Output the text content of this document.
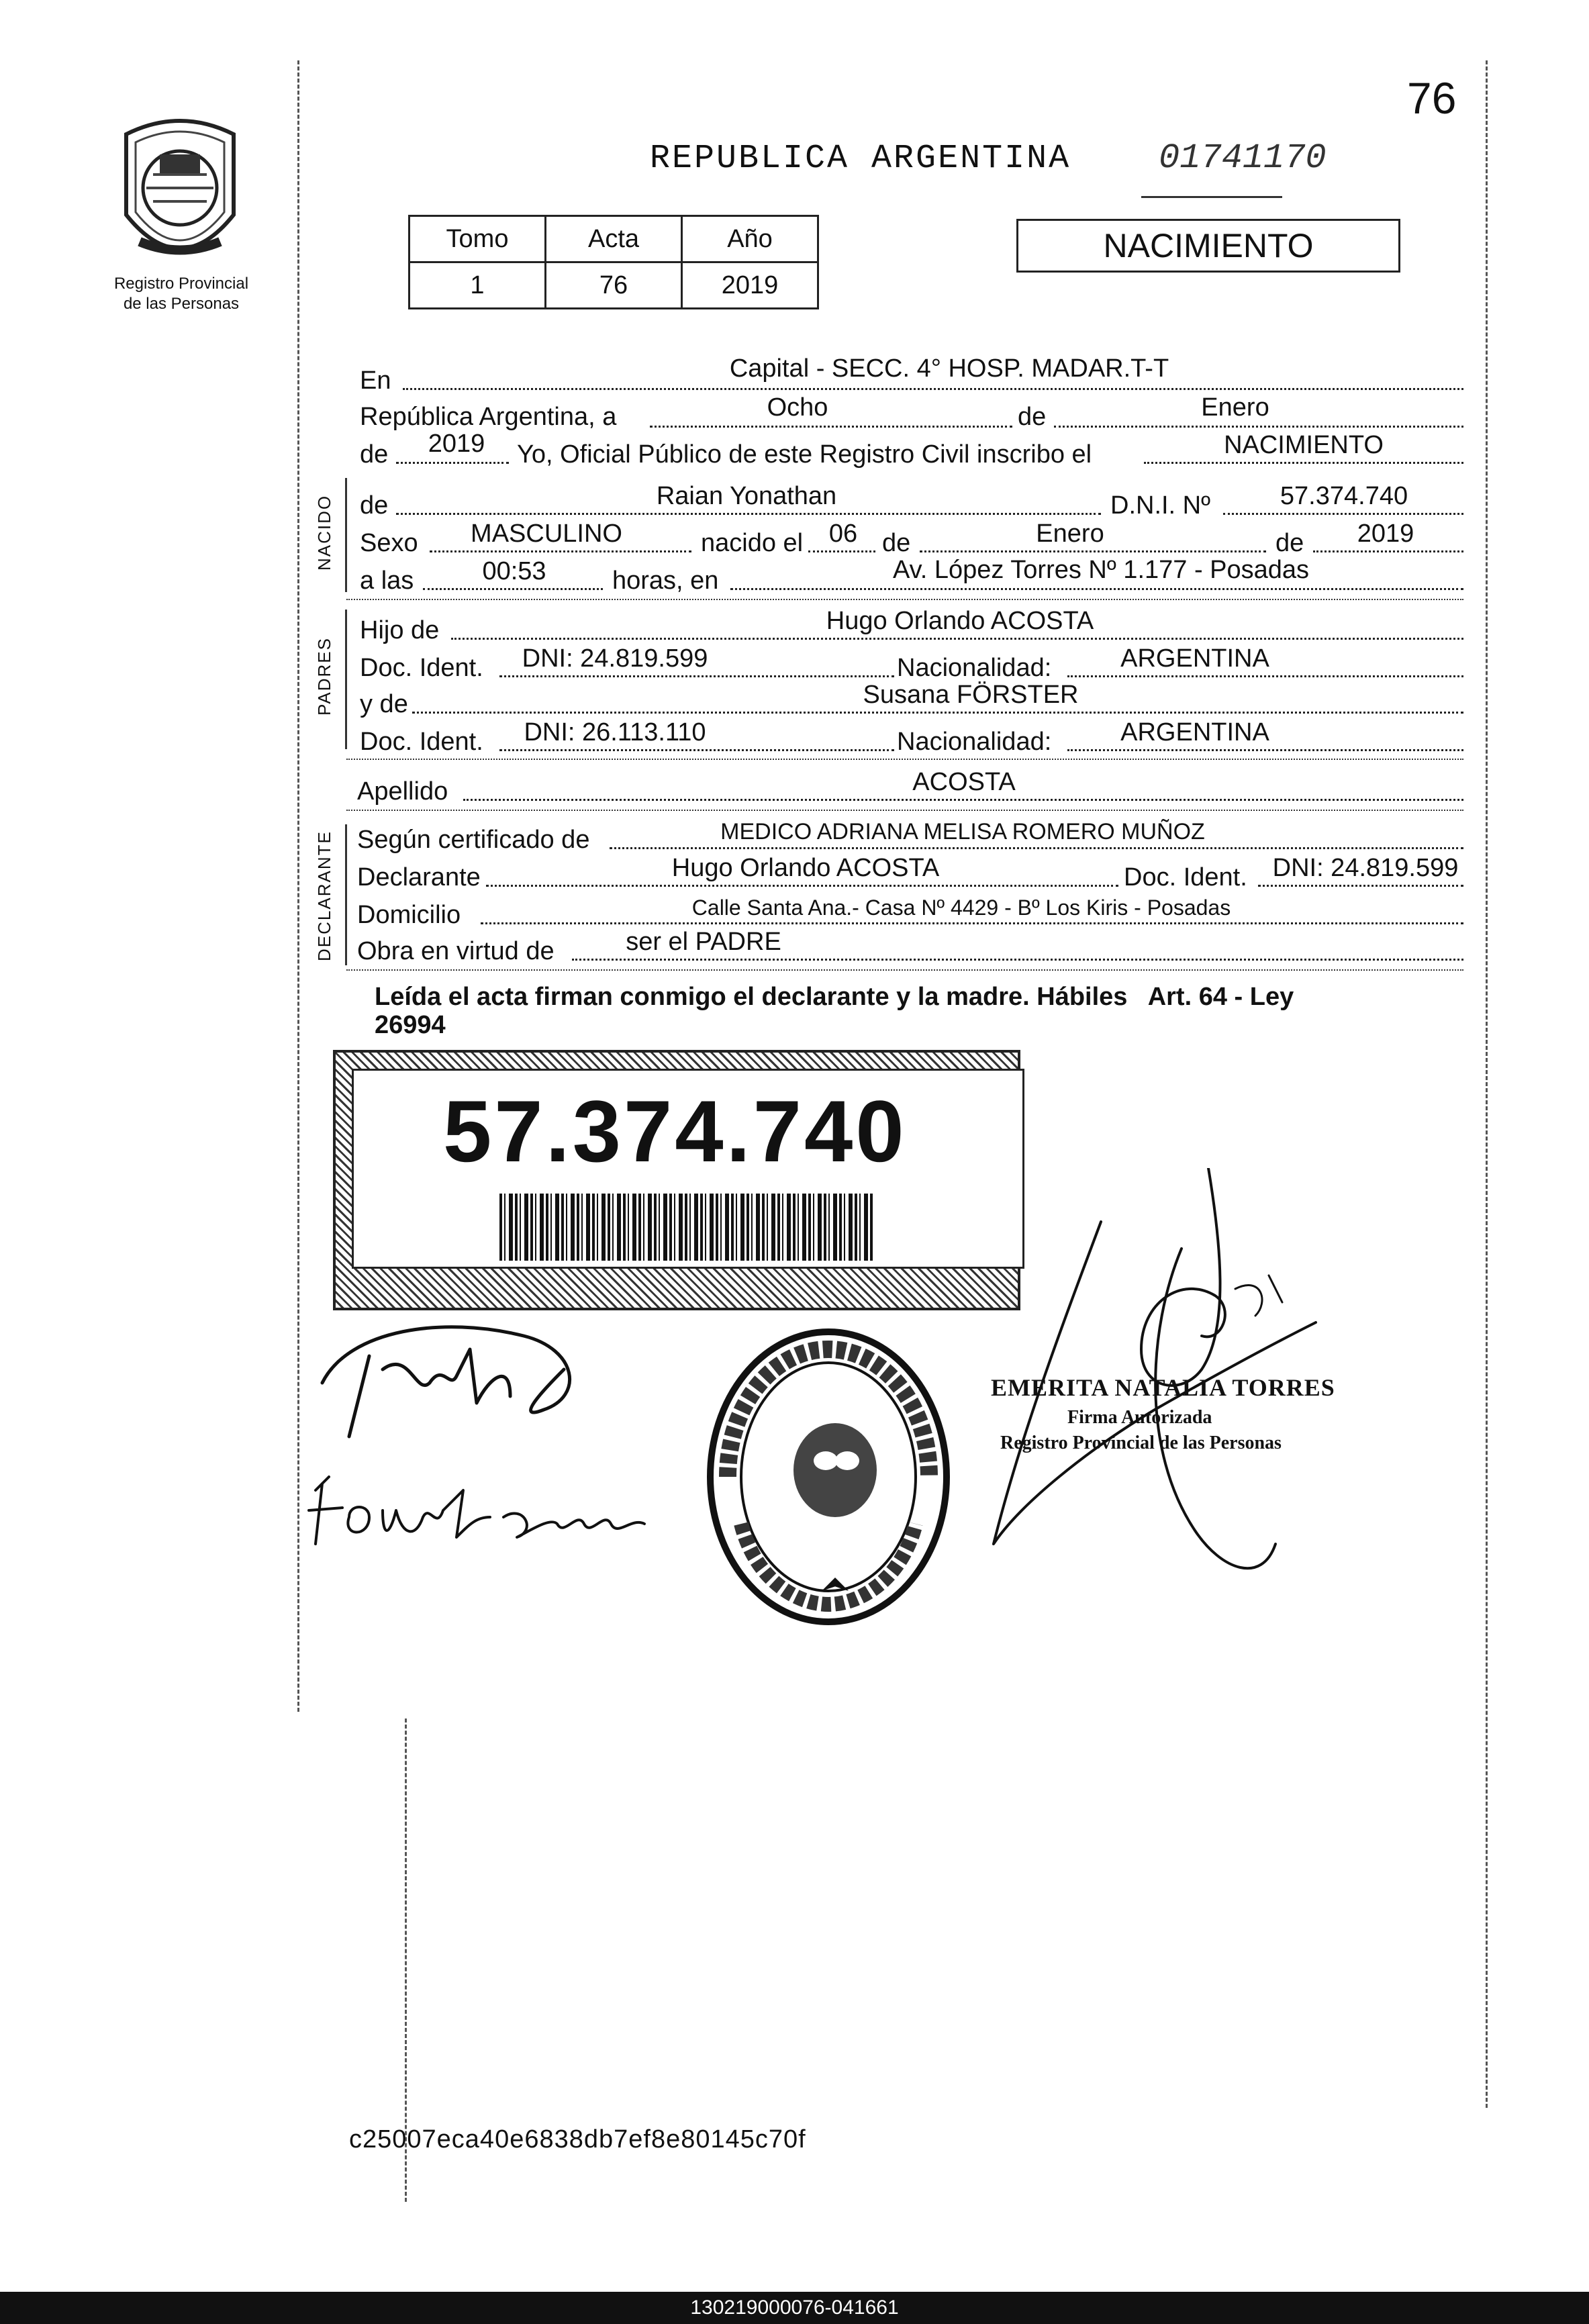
76
Registro Provincial
de las Personas
REPUBLICA ARGENTINA	01741170
Tomo	Acta	Año
1	76	2019
NACIMIENTO
En	Capital - SECC. 4° HOSP. MADAR.T-T
República Argentina, a	Ocho	de	Enero
de 2019 Yo, Oficial Público de este Registro Civil inscribo el	NACIMIENTO
NACIDO de	Raian Yonathan	D.N.I. Nº	57.374.740
Sexo MASCULINO	nacido el 06 de	Enero	de 2019
a las	00:53	horas, en	Av. López Torres Nº 1.177 - Posadas
PADRES
Hijo de	Hugo Orlando ACOSTA
Doc. Ident. DNI: 24.819.599	Nacionalidad:	ARGENTINA
y de	Susana FÖRSTER
Doc. Ident. DNI: 26.113.110	Nacionalidad:	ARGENTINA
Apellido	ACOSTA
DECLARANTE Según certificado de	MEDICO ADRIANA MELISA ROMERO MUÑOZ
Declarante	Hugo Orlando ACOSTA	Doc. Ident. DNI: 24.819.599
Domicilio	Calle Santa Ana.- Casa Nº 4429 - Bº Los Kiris - Posadas
Obra en virtud de	ser el PADRE
Leída el acta firman conmigo el declarante y la madre. Hábiles   Art. 64 - Ley
26994
57.374.740
EMERITA NATALIA TORRES
Firma Autorizada
Registro Provincial de las Personas
c25007eca40e6838db7ef8e80145c70f
130219000076-041661
